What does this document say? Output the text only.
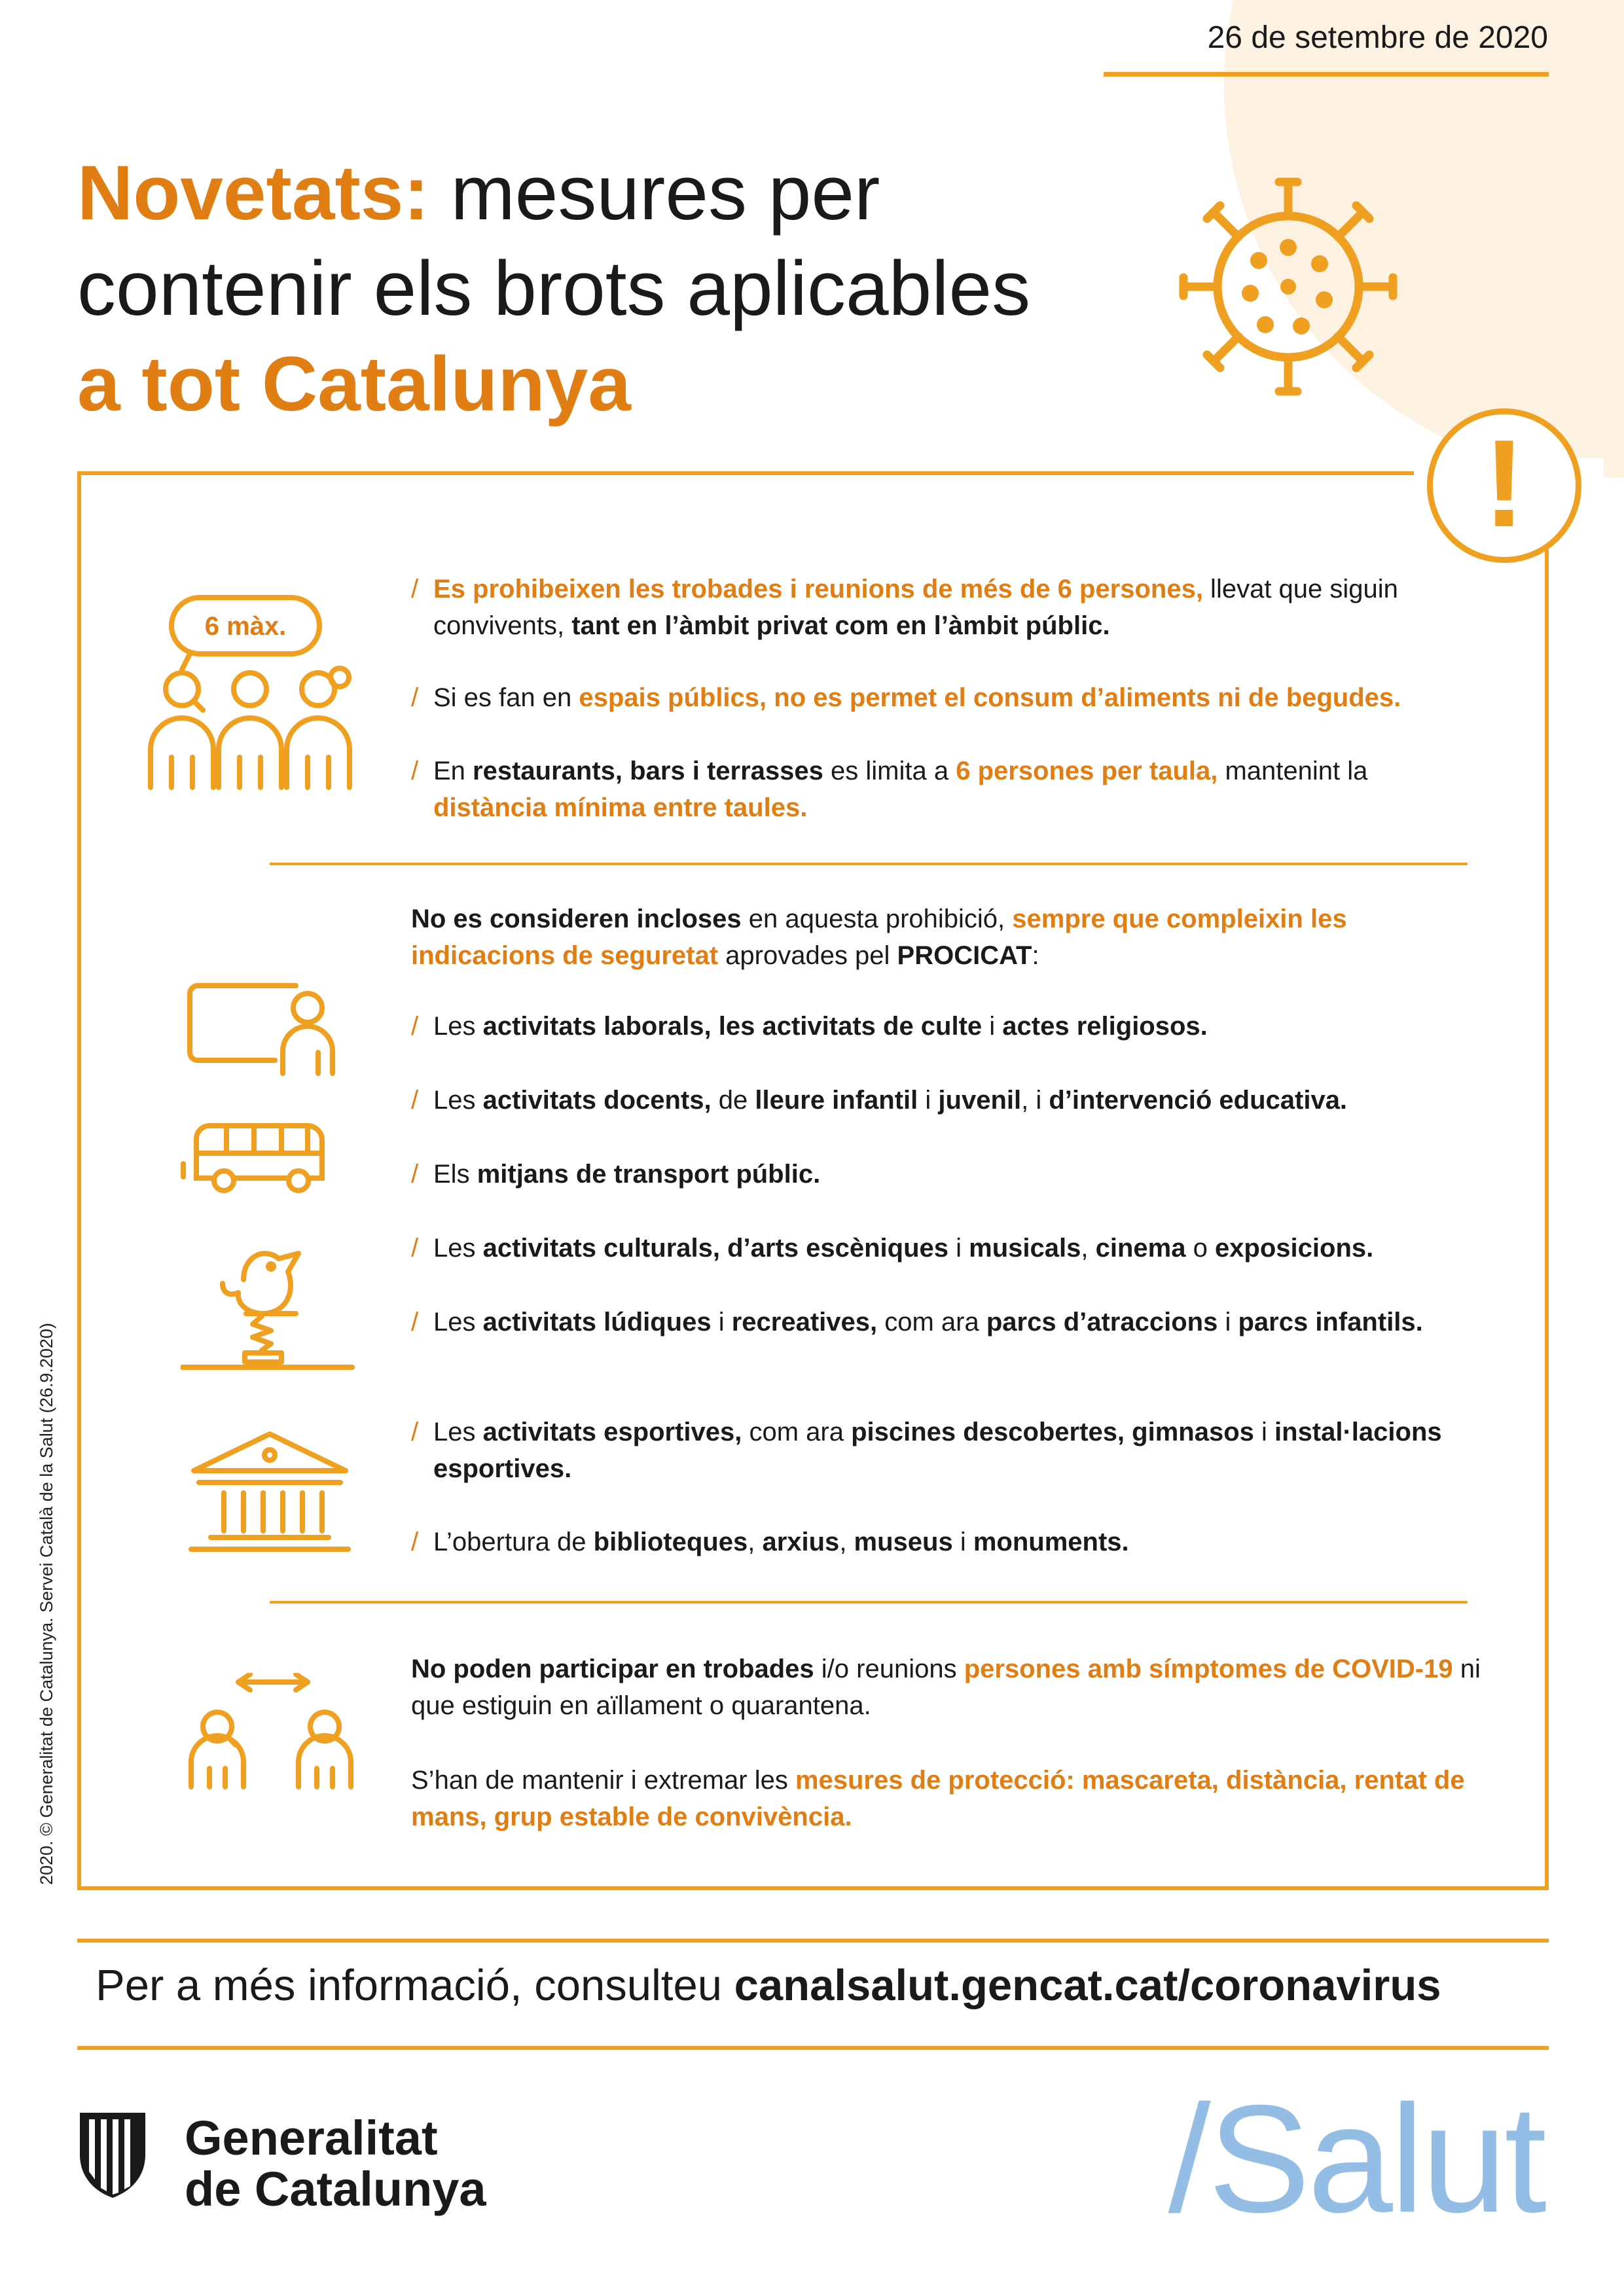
26 de setembre de 2020
Novetats: mesures per
contenir els brots aplicables
a tot Catalunya
!
6 màx.
/ Es prohibeixen les trobades i reunions de més de 6 persones, llevat que siguin convivents, tant en l’àmbit privat com en l’àmbit públic.
/ Si es fan en espais públics, no es permet el consum d’aliments ni de begudes.
/ En restaurants, bars i terrasses es limita a 6 persones per taula, mantenint la distància mínima entre taules.
No es consideren incloses en aquesta prohibició, sempre que compleixin les indicacions de seguretat aprovades pel PROCICAT:
/ Les activitats laborals, les activitats de culte i actes religiosos.
/ Les activitats docents, de lleure infantil i juvenil, i d’intervenció educativa.
/ Els mitjans de transport públic.
/ Les activitats culturals, d’arts escèniques i musicals, cinema o exposicions.
/ Les activitats lúdiques i recreatives, com ara parcs d’atraccions i parcs infantils.
/ Les activitats esportives, com ara piscines descobertes, gimnasos i instal·lacions esportives.
/ L’obertura de biblioteques, arxius, museus i monuments.
No poden participar en trobades i/o reunions persones amb símptomes de COVID-19 ni que estiguin en aïllament o quarantena.
S’han de mantenir i extremar les mesures de protecció: mascareta, distància, rentat de mans, grup estable de convivència.
2020. © Generalitat de Catalunya. Servei Català de la Salut (26.9.2020)
Per a més informació, consulteu canalsalut.gencat.cat/coronavirus
Generalitat
de Catalunya	/Salut
